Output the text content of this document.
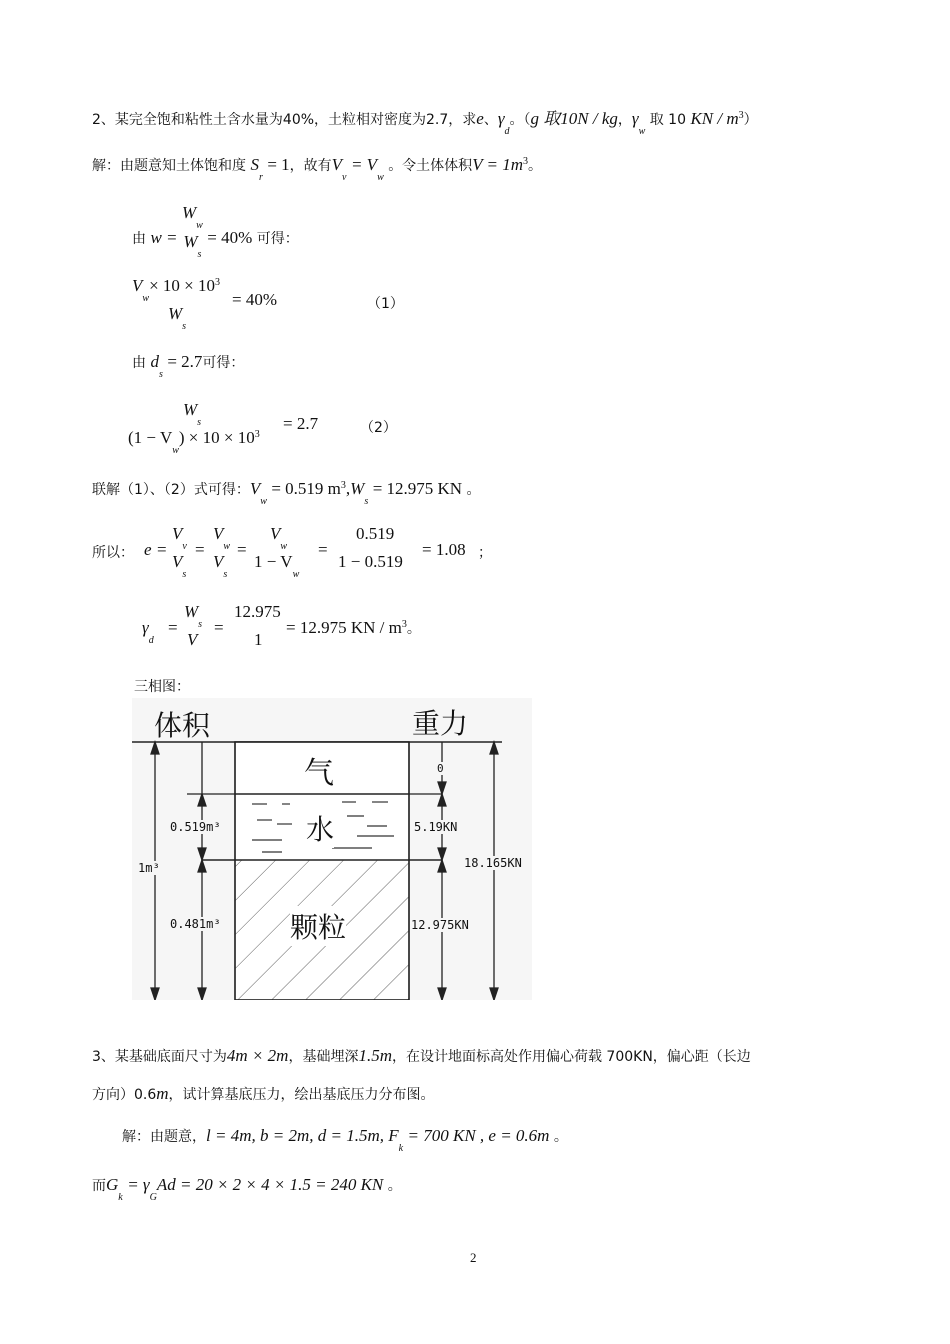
2、某完全饱和粘性土含水量为40%，土粒相对密度为2.7，求e、$\gamma_d$。（g 取10N / kg，$\gamma_w$ 取 10 KN / $m^3$）
解：由题意知土体饱和度 $S_r = 1$，故有$V_v = V_w$ 。令土体体积$V = 1m^3$。
由 w =
$W_w$
$W_s$
= 40% 可得：
$V_w\times 10 \times 10^3$
= 40%	（1）
$W_s$
由 $d_s = 2.7$可得：
$W_s$	= 2.7	（2）
$(1 - V_w) \times 10 \times 10^3$
联解（1）、（2）式可得：$V_w = 0.519$ $m^3,W_s = 12.975$ KN 。
所以： e =
$V_v$
$V_s$
=
$V_w$
$V_s$
=
$V_w$
$1 - V_w$
=
0.519
1 − 0.519
= 1.08 ；
$\gamma_d$
=
$W_s$
V
=
12.975
1
= 12.975 KN / $m^3$。
三相图：
体积	重力
气
水
颗粒
0.519m³
1m³
0.481m³
0
5.19KN
18.165KN
12.975KN
3、某基础底面尺寸为4m × 2m，基础埋深1.5m，在设计地面标高处作用偏心荷载 700KN，偏心距（长边
方向）0.6m，试计算基底压力，绘出基底压力分布图。
解：由题意，l = 4m, b = 2m, d = 1.5m, $F_k = 700$ KN , e = 0.6m 。
而$G_k = \gamma_GAd = 20 \times 2 \times 4 \times 1.5 = 240$ KN 。
2
